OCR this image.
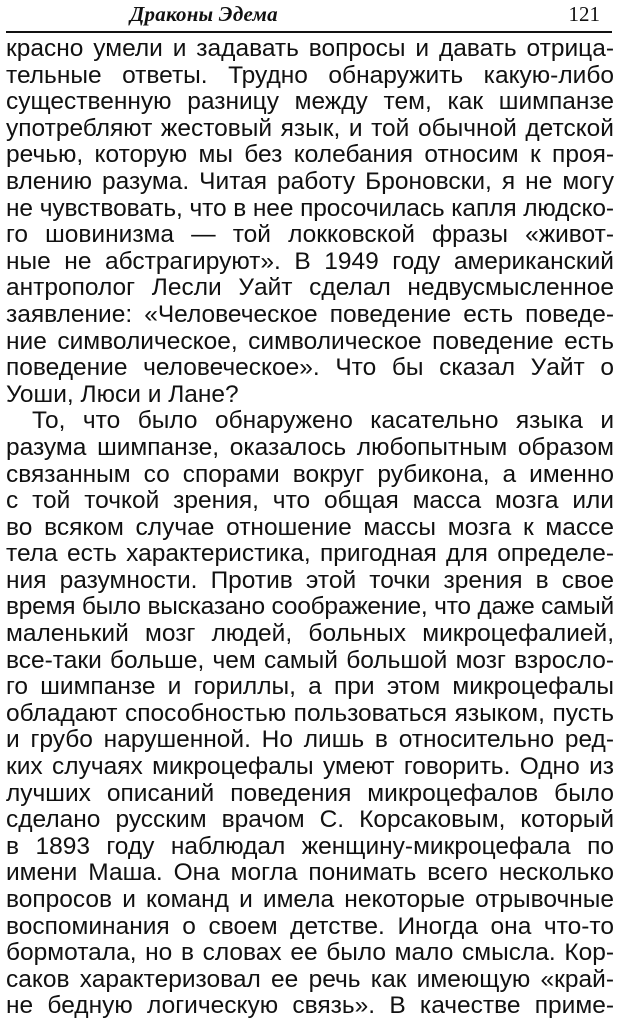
Драконы Эдема	121
красно умели и задавать вопросы и давать отрица-
тельные ответы. Трудно обнаружить какую-либо
существенную разницу между тем, как шимпанзе
употребляют жестовый язык, и той обычной детской
речью, которую мы без колебания относим к проя-
влению разума. Читая работу Броновски, я не могу
не чувствовать, что в нее просочилась капля людско-
го шовинизма — той локковской фразы «живот-
ные не абстрагируют». В 1949 году американский
антрополог Лесли Уайт сделал недвусмысленное
заявление: «Человеческое поведение есть поведе-
ние символическое, символическое поведение есть
поведение человеческое». Что бы сказал Уайт о
Уоши, Люси и Лане?
То, что было обнаружено касательно языка и
разума шимпанзе, оказалось любопытным образом
связанным со спорами вокруг рубикона, а именно
с той точкой зрения, что общая масса мозга или
во всяком случае отношение массы мозга к массе
тела есть характеристика, пригодная для определе-
ния разумности. Против этой точки зрения в свое
время было высказано соображение, что даже самый
маленький мозг людей, больных микроцефалией,
все-таки больше, чем самый большой мозг взросло-
го шимпанзе и гориллы, а при этом микроцефалы
обладают способностью пользоваться языком, пусть
и грубо нарушенной. Но лишь в относительно ред-
ких случаях микроцефалы умеют говорить. Одно из
лучших описаний поведения микроцефалов было
сделано русским врачом С. Корсаковым, который
в 1893 году наблюдал женщину-микроцефала по
имени Маша. Она могла понимать всего несколько
вопросов и команд и имела некоторые отрывочные
воспоминания о своем детстве. Иногда она что-то
бормотала, но в словах ее было мало смысла. Кор-
саков характеризовал ее речь как имеющую «край-
не бедную логическую связь». В качестве приме-
